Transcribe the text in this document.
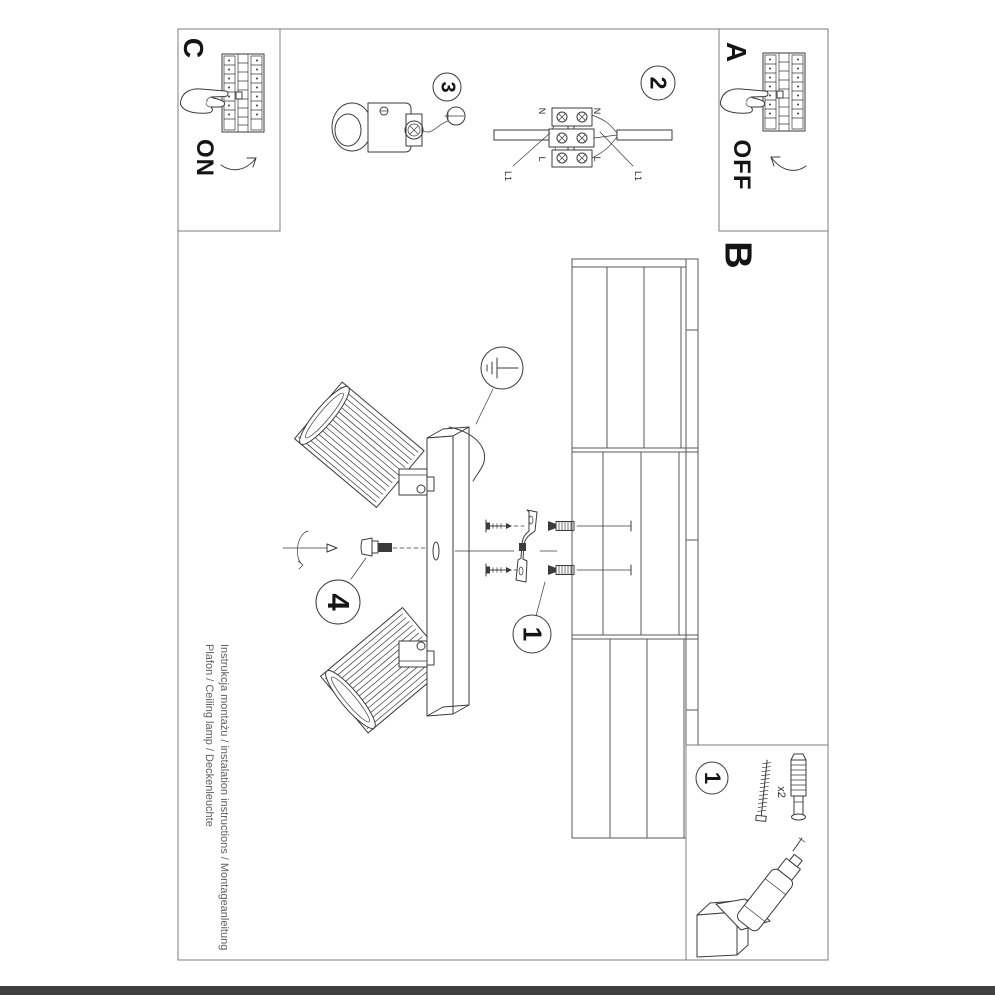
C
ON
A
OFF
B
3	2
4
1
1
x2
N	N
L	L
L1	L1
Instrukcja montażu / instalation instructions / Montageanleitung
Plafon / Ceiling lamp / Deckenleuchte
